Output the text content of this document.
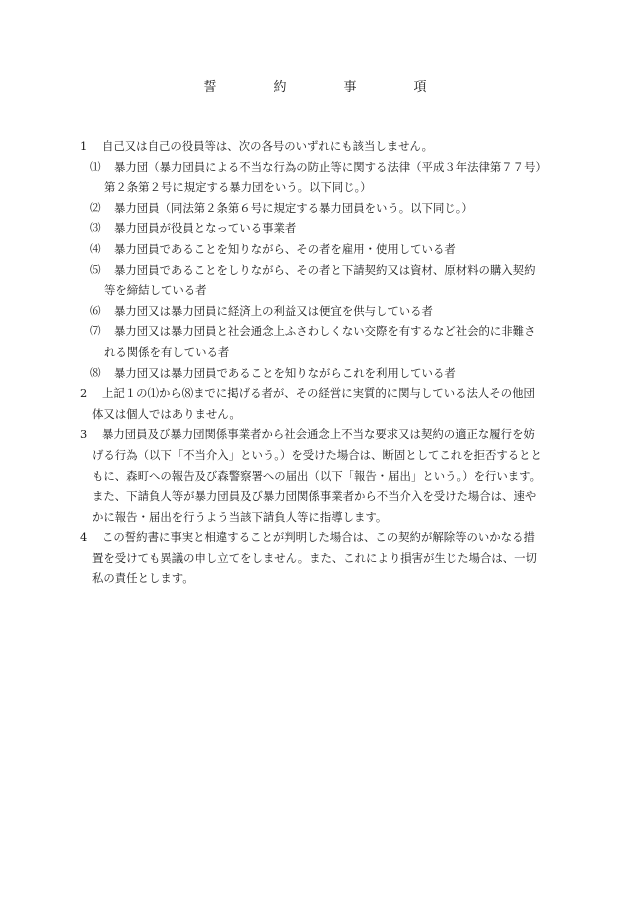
誓　約　事　項
1	自己又は自己の役員等は、次の各号のいずれにも該当しません。
⑴	暴力団（暴力団員による不当な行為の防止等に関する法律（平成３年法律第７７号）
第２条第２号に規定する暴力団をいう。以下同じ。）
⑵	暴力団員（同法第２条第６号に規定する暴力団員をいう。以下同じ。）
⑶	暴力団員が役員となっている事業者
⑷	暴力団員であることを知りながら、その者を雇用・使用している者
⑸	暴力団員であることをしりながら、その者と下請契約又は資材、原材料の購入契約
等を締結している者
⑹	暴力団又は暴力団員に経済上の利益又は便宜を供与している者
⑺	暴力団又は暴力団員と社会通念上ふさわしくない交際を有するなど社会的に非難さ
れる関係を有している者
⑻	暴力団又は暴力団員であることを知りながらこれを利用している者
2	上記１の⑴から⑻までに掲げる者が、その経営に実質的に関与している法人その他団
体又は個人ではありません。
3	暴力団員及び暴力団関係事業者から社会通念上不当な要求又は契約の適正な履行を妨
げる行為（以下「不当介入」という。）を受けた場合は、断固としてこれを拒否するとと
もに、森町への報告及び森警察署への届出（以下「報告・届出」という。）を行います。
また、下請負人等が暴力団員及び暴力団関係事業者から不当介入を受けた場合は、速や
かに報告・届出を行うよう当該下請負人等に指導します。
4	この誓約書に事実と相違することが判明した場合は、この契約が解除等のいかなる措
置を受けても異議の申し立てをしません。また、これにより損害が生じた場合は、一切
私の責任とします。
